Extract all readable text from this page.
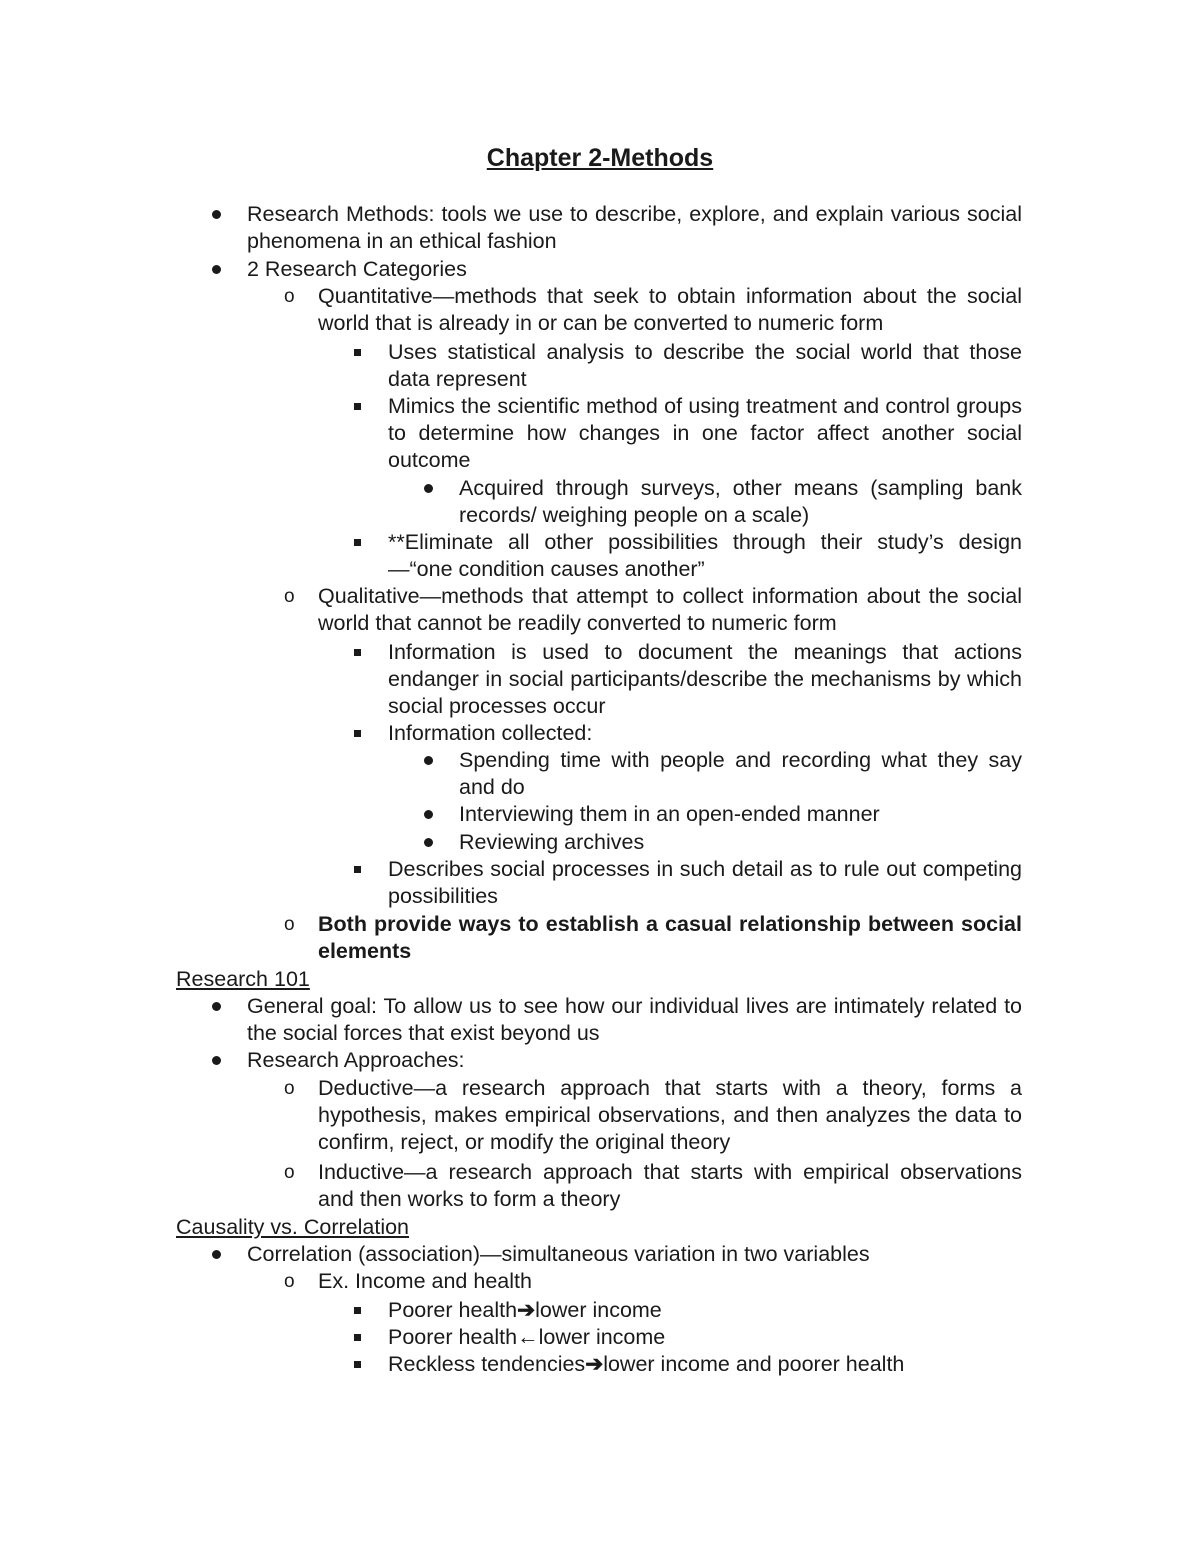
Chapter 2-Methods
Research Methods: tools we use to describe, explore, and explain various social phenomena in an ethical fashion
2 Research Categories
o Quantitative—methods that seek to obtain information about the social world that is already in or can be converted to numeric form
Uses statistical analysis to describe the social world that those data represent
Mimics the scientific method of using treatment and control groups to determine how changes in one factor affect another social outcome
Acquired through surveys, other means (sampling bank records/ weighing people on a scale)
**Eliminate all other possibilities through their study’s design —“one condition causes another”
o Qualitative—methods that attempt to collect information about the social world that cannot be readily converted to numeric form
Information is used to document the meanings that actions endanger in social participants/describe the mechanisms by which social processes occur
Information collected:
Spending time with people and recording what they say and do
Interviewing them in an open-ended manner
Reviewing archives
Describes social processes in such detail as to rule out competing possibilities
o Both provide ways to establish a casual relationship between social elements
Research 101
General goal: To allow us to see how our individual lives are intimately related to the social forces that exist beyond us
Research Approaches:
o Deductive—a research approach that starts with a theory, forms a hypothesis, makes empirical observations, and then analyzes the data to confirm, reject, or modify the original theory
o Inductive—a research approach that starts with empirical observations and then works to form a theory
Causality vs. Correlation
Correlation (association)—simultaneous variation in two variables
o Ex. Income and health
Poorer health➔lower income
Poorer health←lower income
Reckless tendencies➔lower income and poorer health
